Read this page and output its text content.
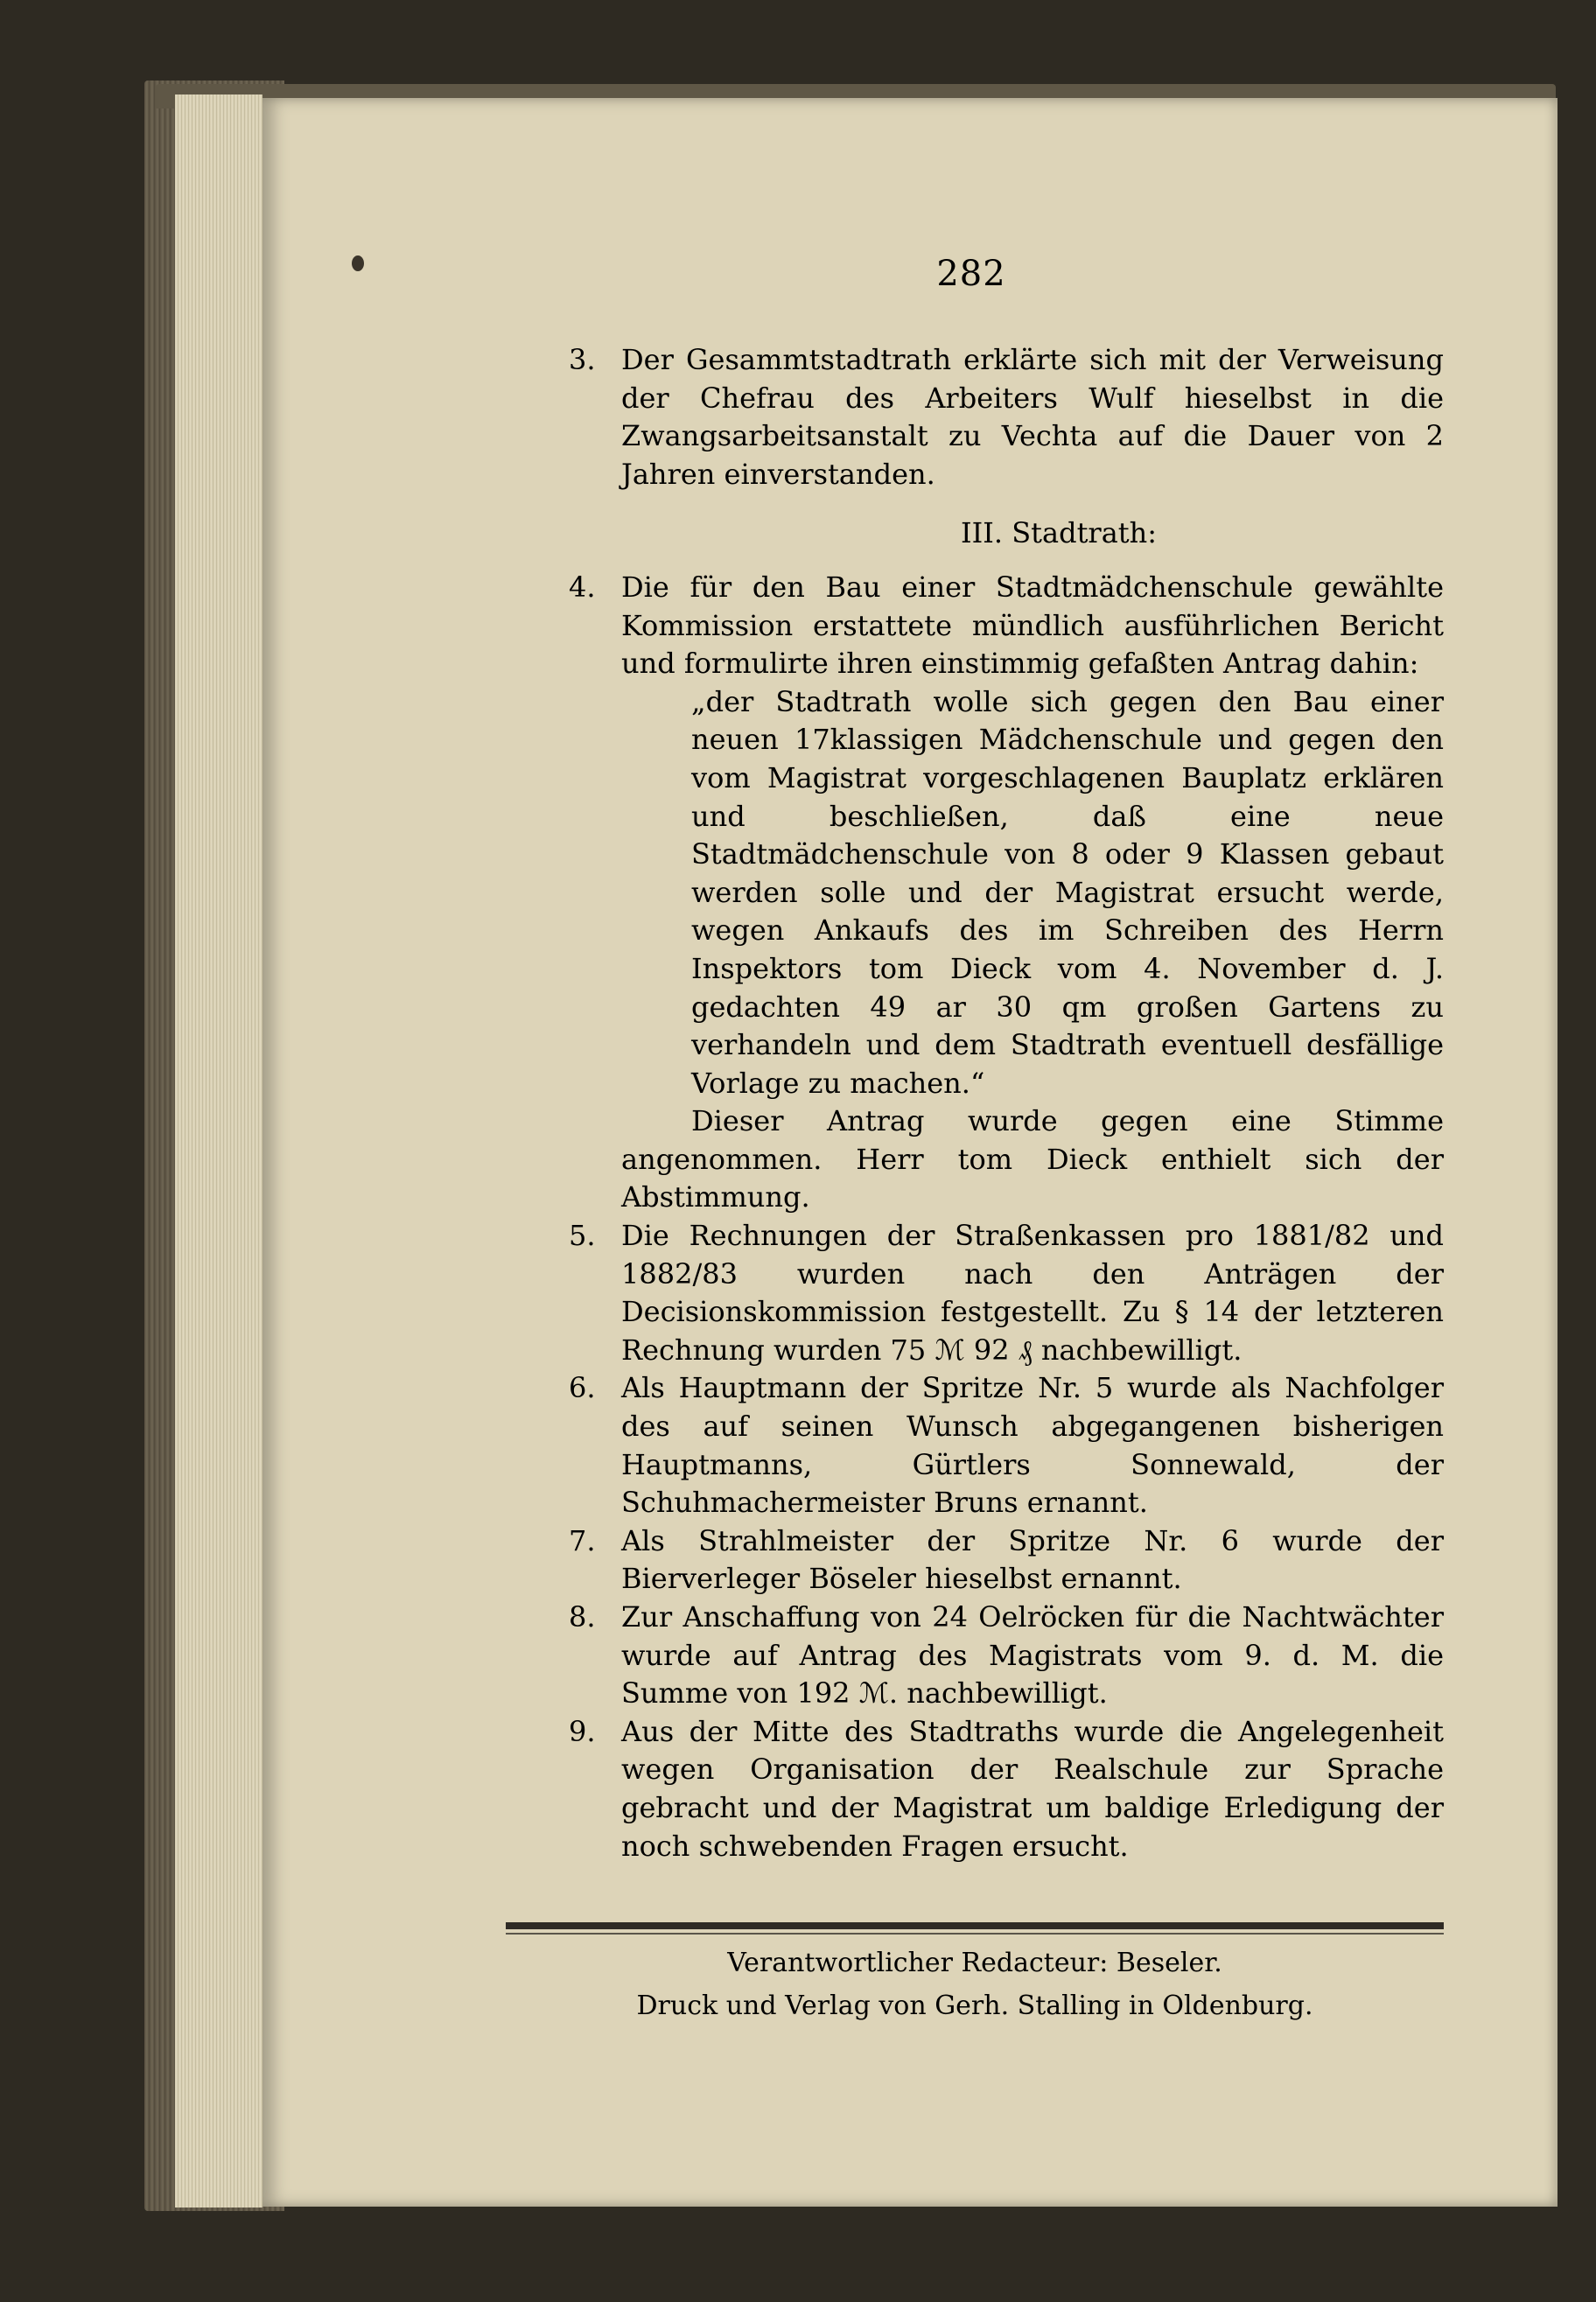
282

3. Der Gesammtstadtrath erklärte sich mit der Verweisung der Chefrau des Arbeiters Wulf hieselbst in die Zwangsarbeitsanstalt zu Vechta auf die Dauer von 2 Jahren einverstanden.

III. Stadtrath:

4. Die für den Bau einer Stadtmädchenschule gewählte Kommission erstattete mündlich ausführlichen Bericht und formulirte ihren einstimmig gefaßten Antrag dahin:

„der Stadtrath wolle sich gegen den Bau einer neuen 17klassigen Mädchenschule und gegen den vom Magistrat vorgeschlagenen Bauplatz erklären und beschließen, daß eine neue Stadtmädchenschule von 8 oder 9 Klassen gebaut werden solle und der Magistrat ersucht werde, wegen Ankaufs des im Schreiben des Herrn Inspektors tom Dieck vom 4. November d. J. gedachten 49 ar 30 qm großen Gartens zu verhandeln und dem Stadtrath eventuell desfällige Vorlage zu machen.“

Dieser Antrag wurde gegen eine Stimme angenommen. Herr tom Dieck enthielt sich der Abstimmung.

5. Die Rechnungen der Straßenkassen pro 1881/82 und 1882/83 wurden nach den Anträgen der Decisionskommission festgestellt. Zu § 14 der letzteren Rechnung wurden 75 ℳ 92 ₰ nachbewilligt.

6. Als Hauptmann der Spritze Nr. 5 wurde als Nachfolger des auf seinen Wunsch abgegangenen bisherigen Hauptmanns, Gürtlers Sonnewald, der Schuhmachermeister Bruns ernannt.

7. Als Strahlmeister der Spritze Nr. 6 wurde der Bierverleger Böseler hieselbst ernannt.

8. Zur Anschaffung von 24 Oelröcken für die Nachtwächter wurde auf Antrag des Magistrats vom 9. d. M. die Summe von 192 ℳ. nachbewilligt.

9. Aus der Mitte des Stadtraths wurde die Angelegenheit wegen Organisation der Realschule zur Sprache gebracht und der Magistrat um baldige Erledigung der noch schwebenden Fragen ersucht.

Verantwortlicher Redacteur: Beseler.
Druck und Verlag von Gerh. Stalling in Oldenburg.
